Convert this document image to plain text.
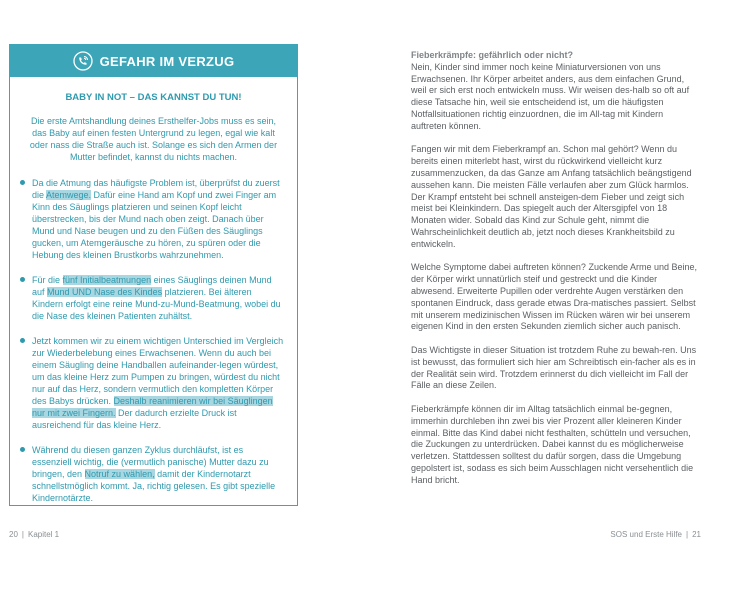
GEFAHR IM VERZUG
BABY IN NOT – DAS KANNST DU TUN!
Die erste Amtshandlung deines Ersthelfer-Jobs muss es sein, das Baby auf einen festen Untergrund zu legen, egal wie kalt oder nass die Straße auch ist. Solange es sich den Armen der Mutter befindet, kannst du nichts machen.
Da die Atmung das häufigste Problem ist, überprüfst du zuerst die Atemwege. Dafür eine Hand am Kopf und zwei Finger am Kinn des Säuglings platzieren und seinen Kopf leicht überstrecken, bis der Mund nach oben zeigt. Danach über Mund und Nase beugen und zu den Füßen des Säuglings gucken, um Atemgeräusche zu hören, zu spüren oder die Hebung des kleinen Brustkorbs wahrzunehmen.
Für die fünf Initialbeatmungen eines Säuglings deinen Mund auf Mund UND Nase des Kindes platzieren. Bei älteren Kindern erfolgt eine reine Mund-zu-Mund-Beatmung, wobei du die Nase des kleinen Patienten zuhältst.
Jetzt kommen wir zu einem wichtigen Unterschied im Vergleich zur Wiederbelebung eines Erwachsenen. Wenn du auch bei einem Säugling deine Handballen aufeinander-legen würdest, um das kleine Herz zum Pumpen zu bringen, würdest du nicht nur auf das Herz, sondern vermutlich den kompletten Körper des Babys drücken. Deshalb reanimieren wir bei Säuglingen nur mit zwei Fingern. Der dadurch erzielte Druck ist ausreichend für das kleine Herz.
Während du diesen ganzen Zyklus durchläufst, ist es essenziell wichtig, die (vermutlich panische) Mutter dazu zu bringen, den Notruf zu wählen, damit der Kindernotarzt schnellstmöglich kommt. Ja, richtig gelesen. Es gibt spezielle Kindernotärzte.
20 | Kapitel 1
Fieberkrämpfe: gefährlich oder nicht?

Nein, Kinder sind immer noch keine Miniaturversionen von uns Erwachsenen. Ihr Körper arbeitet anders, aus dem einfachen Grund, weil er sich erst noch entwickeln muss. Wir weisen des-halb so oft auf diese Tatsache hin, weil sie entscheidend ist, um die häufigsten Notfallsituationen richtig einzuordnen, die im All-tag mit Kindern auftreten können.

Fangen wir mit dem Fieberkrampf an. Schon mal gehört? Wenn du bereits einen miterlebt hast, wirst du rückwirkend vielleicht kurz zusammenzucken, da das Ganze am Anfang tatsächlich beängstigend aussehen kann. Die meisten Fälle verlaufen aber zum Glück harmlos. Der Krampf entsteht bei schnell ansteigen-dem Fieber und zeigt sich meist bei Kleinkindern. Das spiegelt auch der Altersgipfel von 18 Monaten wider. Sobald das Kind zur Schule geht, nimmt die Wahrscheinlichkeit deutlich ab, jetzt noch dieses Krankheitsbild zu entwickeln.

Welche Symptome dabei auftreten können? Zuckende Arme und Beine, der Körper wirkt unnatürlich steif und gestreckt und die Kinder abwesend. Erweiterte Pupillen oder verdrehte Augen verstärken den spontanen Eindruck, dass gerade etwas Dra-matisches passiert. Selbst mit unserem medizinischen Wissen im Rücken wären wir bei unserem eigenen Kind in den ersten Sekunden ziemlich sicher auch panisch.

Das Wichtigste in dieser Situation ist trotzdem Ruhe zu bewah-ren. Uns ist bewusst, das formuliert sich hier am Schreibtisch ein-facher als es in der Realität sein wird. Trotzdem erinnerst du dich vielleicht im Fall der Fälle an diese Zeilen.

Fieberkrämpfe können dir im Alltag tatsächlich einmal be-gegnen, immerhin durchleben ihn zwei bis vier Prozent aller kleineren Kinder einmal. Bitte das Kind dabei nicht festhalten, schütteln und versuchen, die Zuckungen zu unterdrücken. Dabei kannst du es möglicherweise verletzen. Stattdessen solltest du dafür sorgen, dass die Umgebung gepolstert ist, sodass es sich beim Ausschlagen nicht versehentlich die Hand bricht.

SOS und Erste Hilfe | 21
